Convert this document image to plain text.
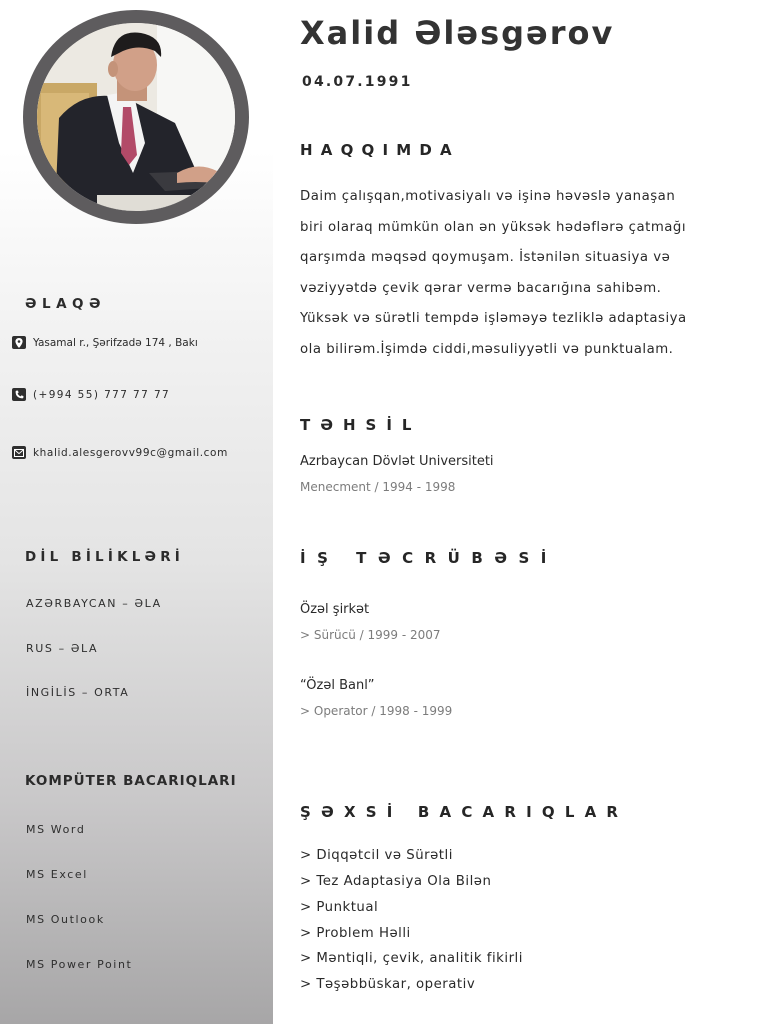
Xalid Ələsgərov
04.07.1991
ƏLAQƏ
Yasamal r., Şərifzadə 174 , Bakı
(+994 55) 777 77 77
khalid.alesgerovv99c@gmail.com
DİL BİLİKLƏRİ
AZƏRBAYCAN – ƏLA
RUS – ƏLA
İNGİLİS – ORTA
KOMPÜTER BACARIQLARI
MS Word
MS Excel
MS Outlook
MS Power Point
HAQQIMDA
Daim çalışqan,motivasiyalı və işinə həvəslə yanaşan
biri olaraq mümkün olan ən yüksək hədəflərə çatmağı
qarşımda məqsəd qoymuşam. İstənilən situasiya və
vəziyyətdə çevik qərar vermə bacarığına sahibəm.
Yüksək və sürətli tempdə işləməyə tezliklə adaptasiya
ola bilirəm.İşimdə ciddi,məsuliyyətli və punktualam.
TƏHSİL
Azrbaycan Dövlət Universiteti
Menecment / 1994 - 1998
İŞ TƏCRÜBƏSİ
Özəl şirkət
> Sürücü / 1999 - 2007
“Özəl Banl”
> Operator / 1998 - 1999
ŞƏXSİ BACARIQLAR
> Diqqətcil və Sürətli
> Tez Adaptasiya Ola Bilən
> Punktual
> Problem Həlli
> Məntiqli, çevik, analitik fikirli
> Təşəbbüskar, operativ
